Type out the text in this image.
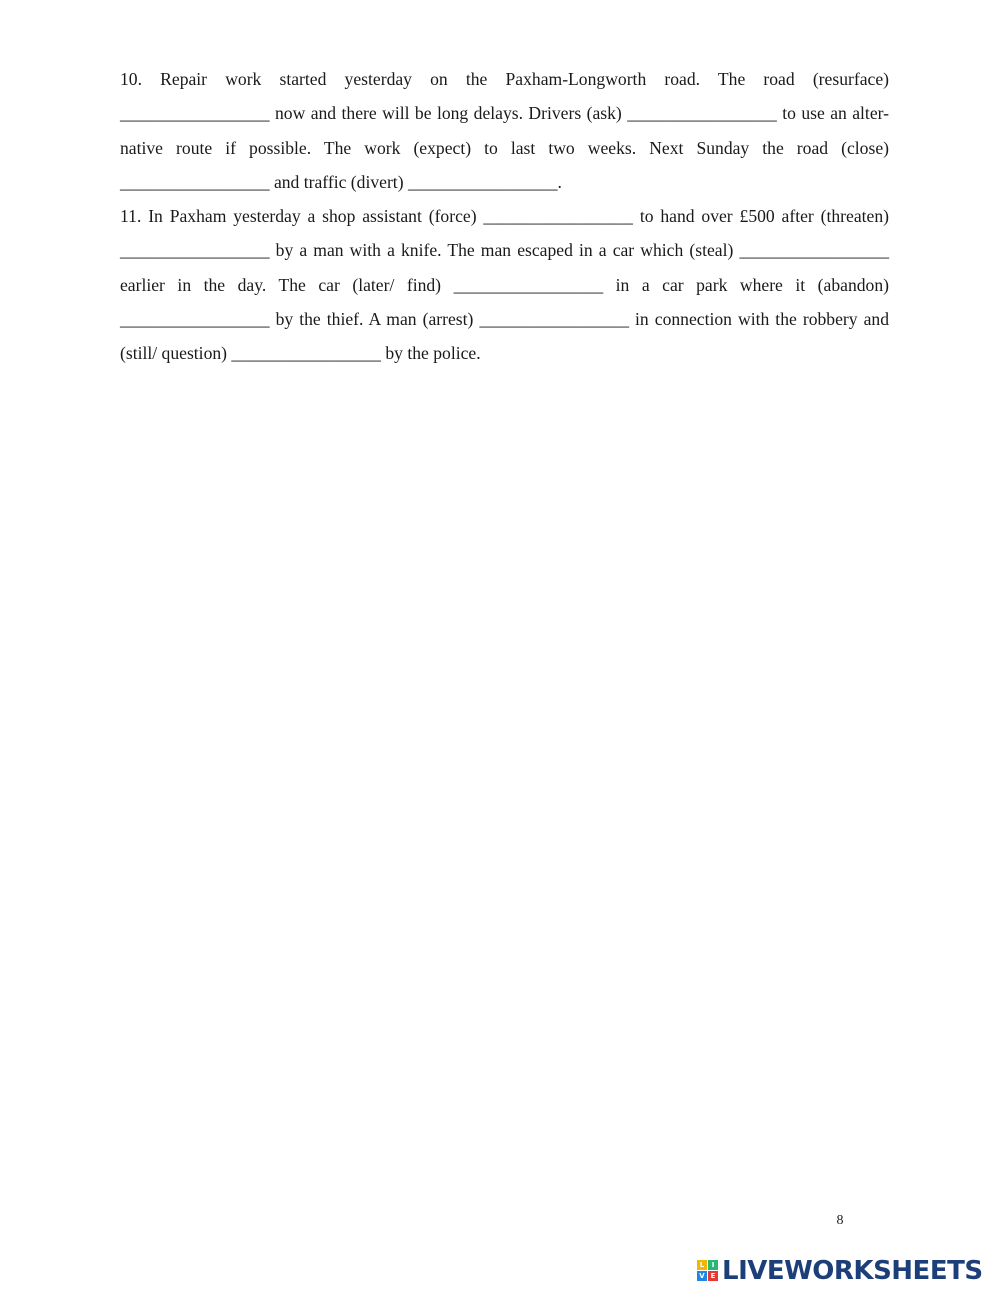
10. Repair work started yesterday on the Paxham-Longworth road. The road (resurface) _________________ now and there will be long delays. Drivers (ask) _________________ to use an alter-native route if possible. The work (expect) to last two weeks. Next Sunday the road (close) _________________ and traffic (divert) _________________.

11. In Paxham yesterday a shop assistant (force) _________________ to hand over £500 after (threaten) _________________ by a man with a knife. The man escaped in a car which (steal) _________________ earlier in the day. The car (later/ find) _________________ in a car park where it (abandon) _________________ by the thief. A man (arrest) _________________ in connection with the robbery and (still/ question) _________________ by the police.

8
L	I
V E LIVEWORKSHEETS
